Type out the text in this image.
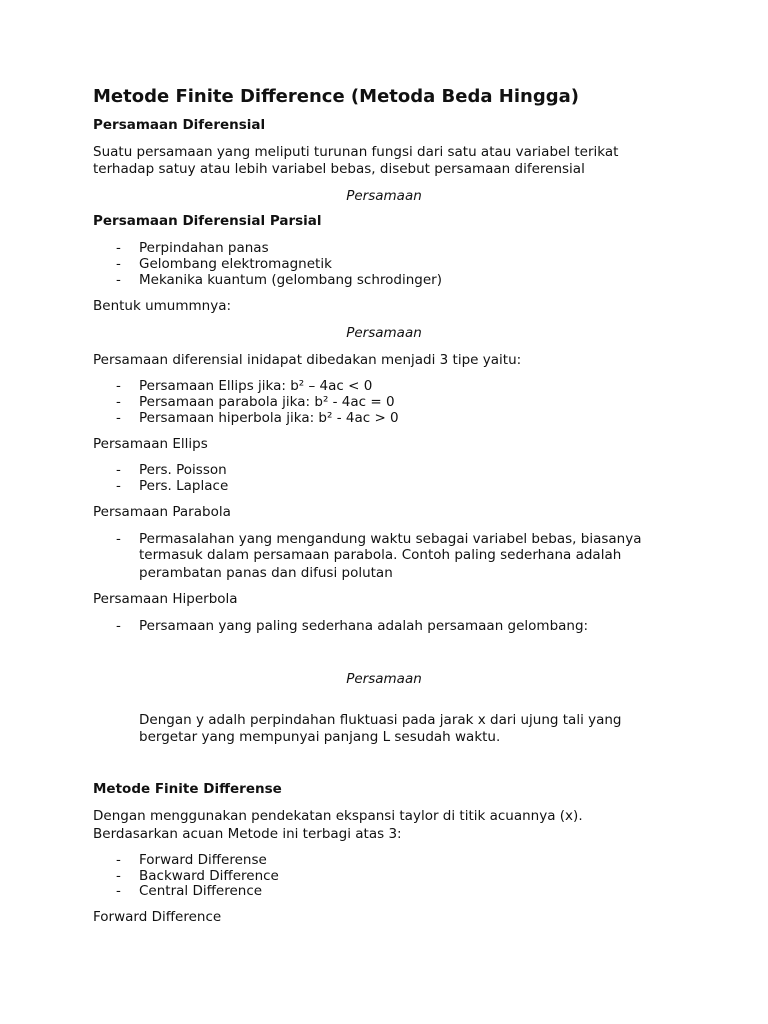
Metode Finite Difference (Metoda Beda Hingga)
Persamaan Diferensial
Suatu persamaan yang meliputi turunan fungsi dari satu atau variabel terikat
terhadap satuy atau lebih variabel bebas, disebut persamaan diferensial
Persamaan
Persamaan Diferensial Parsial
- Perpindahan panas
- Gelombang elektromagnetik
- Mekanika kuantum (gelombang schrodinger)
Bentuk umummnya:
Persamaan
Persamaan diferensial inidapat dibedakan menjadi 3 tipe yaitu:
- Persamaan Ellips jika: b² – 4ac < 0
- Persamaan parabola jika: b² - 4ac = 0
- Persamaan hiperbola jika: b² - 4ac > 0
Persamaan Ellips
- Pers. Poisson
- Pers. Laplace
Persamaan Parabola
- Permasalahan yang mengandung waktu sebagai variabel bebas, biasanya
termasuk dalam persamaan parabola. Contoh paling sederhana adalah
perambatan panas dan difusi polutan
Persamaan Hiperbola
- Persamaan yang paling sederhana adalah persamaan gelombang:
Persamaan
Dengan y adalh perpindahan fluktuasi pada jarak x dari ujung tali yang
bergetar yang mempunyai panjang L sesudah waktu.
Metode Finite Differense
Dengan menggunakan pendekatan ekspansi taylor di titik acuannya (x).
Berdasarkan acuan Metode ini terbagi atas 3:
- Forward Differense
- Backward Difference
- Central Difference
Forward Difference
